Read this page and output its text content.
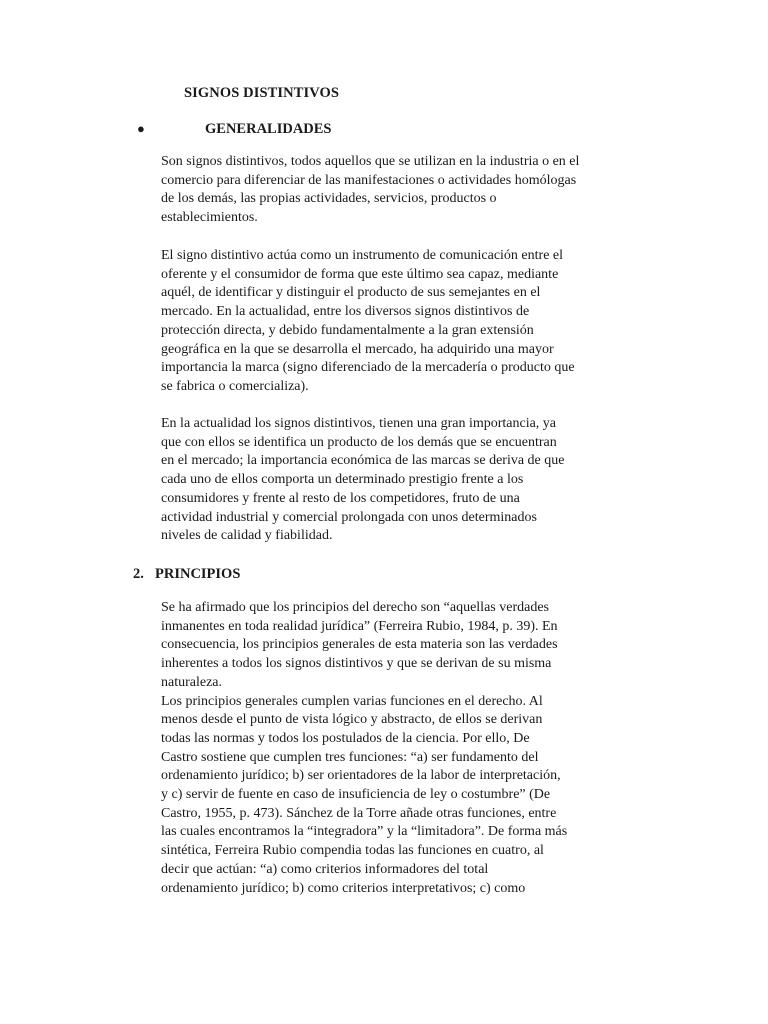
SIGNOS DISTINTIVOS
●	GENERALIDADES

Son signos distintivos, todos aquellos que se utilizan en la industria o en el
comercio para diferenciar de las manifestaciones o actividades homólogas
de los demás, las propias actividades, servicios, productos o
establecimientos.

El signo distintivo actúa como un instrumento de comunicación entre el
oferente y el consumidor de forma que este último sea capaz, mediante
aquél, de identificar y distinguir el producto de sus semejantes en el
mercado. En la actualidad, entre los diversos signos distintivos de
protección directa, y debido fundamentalmente a la gran extensión
geográfica en la que se desarrolla el mercado, ha adquirido una mayor
importancia la marca (signo diferenciado de la mercadería o producto que
se fabrica o comercializa).

En la actualidad los signos distintivos, tienen una gran importancia, ya
que con ellos se identifica un producto de los demás que se encuentran
en el mercado; la importancia económica de las marcas se deriva de que
cada uno de ellos comporta un determinado prestigio frente a los
consumidores y frente al resto de los competidores, fruto de una
actividad industrial y comercial prolongada con unos determinados
niveles de calidad y fiabilidad.

2. PRINCIPIOS

Se ha afirmado que los principios del derecho son “aquellas verdades
inmanentes en toda realidad jurídica” (Ferreira Rubio, 1984, p. 39). En
consecuencia, los principios generales de esta materia son las verdades
inherentes a todos los signos distintivos y que se derivan de su misma
naturaleza.
Los principios generales cumplen varias funciones en el derecho. Al
menos desde el punto de vista lógico y abstracto, de ellos se derivan
todas las normas y todos los postulados de la ciencia. Por ello, De
Castro sostiene que cumplen tres funciones: “a) ser fundamento del
ordenamiento jurídico; b) ser orientadores de la labor de interpretación,
y c) servir de fuente en caso de insuficiencia de ley o costumbre” (De
Castro, 1955, p. 473). Sánchez de la Torre añade otras funciones, entre
las cuales encontramos la “integradora” y la “limitadora”. De forma más
sintética, Ferreira Rubio compendia todas las funciones en cuatro, al
decir que actúan: “a) como criterios informadores del total
ordenamiento jurídico; b) como criterios interpretativos; c) como
